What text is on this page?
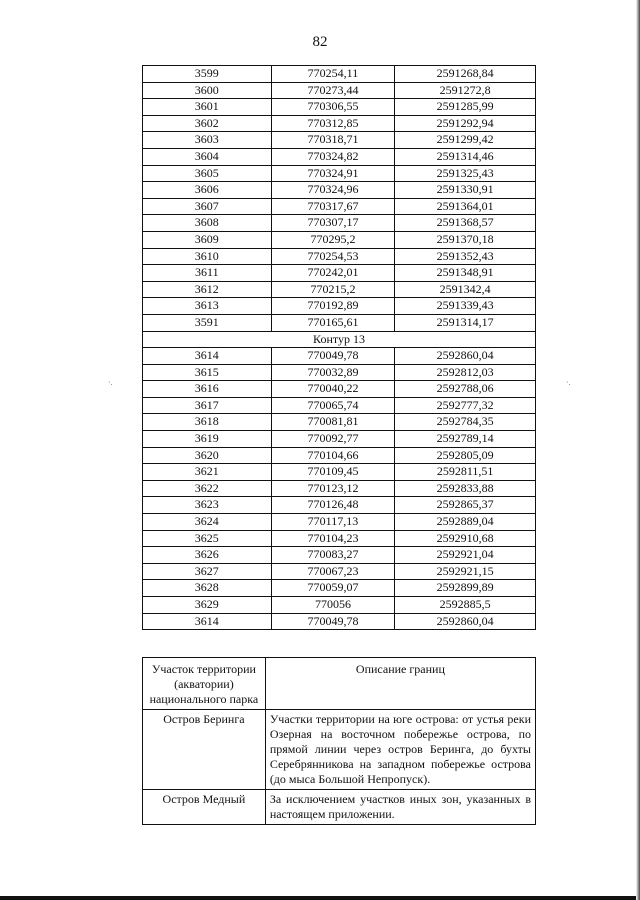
82
3599	770254,11	2591268,84
3600	770273,44	2591272,8
3601	770306,55	2591285,99
3602	770312,85	2591292,94
3603	770318,71	2591299,42
3604	770324,82	2591314,46
3605	770324,91	2591325,43
3606	770324,96	2591330,91
3607	770317,67	2591364,01
3608	770307,17	2591368,57
3609	770295,2	2591370,18
3610	770254,53	2591352,43
3611	770242,01	2591348,91
3612	770215,2	2591342,4
3613	770192,89	2591339,43
3591	770165,61	2591314,17
Контур 13		
3614	770049,78	2592860,04
3615	770032,89	2592812,03
3616	770040,22	2592788,06
3617	770065,74	2592777,32
3618	770081,81	2592784,35
3619	770092,77	2592789,14
3620	770104,66	2592805,09
3621	770109,45	2592811,51
3622	770123,12	2592833,88
3623	770126,48	2592865,37
3624	770117,13	2592889,04
3625	770104,23	2592910,68
3626	770083,27	2592921,04
3627	770067,23	2592921,15
3628	770059,07	2592899,89
3629	770056	2592885,5
3614	770049,78	2592860,04
Участок территории (акватории) национального парка	Описание границ
Остров Беринга	Участки территории на юге острова: от устья реки Озерная на восточном побережье острова, по прямой линии через остров Беринга, до бухты Серебрянникова на западном побережье острова (до мыса Большой Непропуск).
Остров Медный	За исключением участков иных зон, указанных в настоящем приложении.
·.	·.
